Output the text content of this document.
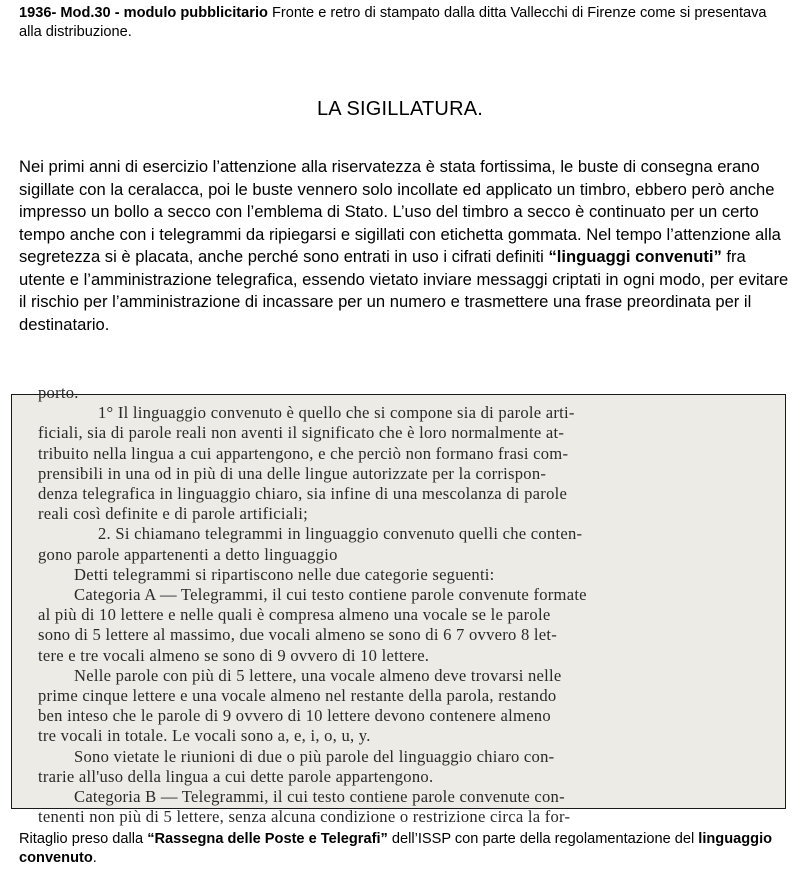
1936- Mod.30 - modulo pubblicitario Fronte e retro di stampato dalla ditta Vallecchi di Firenze come si presentava alla distribuzione.
LA SIGILLATURA.
Nei primi anni di esercizio l’attenzione alla riservatezza è stata fortissima, le buste di consegna erano sigillate con la ceralacca, poi le buste vennero solo incollate ed applicato un timbro, ebbero però anche impresso un bollo a secco con l’emblema di Stato. L’uso del timbro a secco è continuato per un certo tempo anche con i telegrammi da ripiegarsi e sigillati con etichetta gommata. Nel tempo l’attenzione alla segretezza si è placata, anche perché sono entrati in uso i cifrati definiti “linguaggi convenuti” fra utente e l’amministrazione telegrafica, essendo vietato inviare messaggi criptati in ogni modo, per evitare il rischio per l’amministrazione di incassare per un numero e trasmettere una frase preordinata per il destinatario.
porto.
1° Il linguaggio convenuto è quello che si compone sia di parole arti-
ficiali, sia di parole reali non aventi il significato che è loro normalmente at-
tribuito nella lingua a cui appartengono, e che perciò non formano frasi com-
prensibili in una od in più di una delle lingue autorizzate per la corrispon-
denza telegrafica in linguaggio chiaro, sia infine di una mescolanza di parole
reali così definite e di parole artificiali;
2. Si chiamano telegrammi in linguaggio convenuto quelli che conten-
gono parole appartenenti a detto linguaggio
Detti telegrammi si ripartiscono nelle due categorie seguenti:
Categoria A — Telegrammi, il cui testo contiene parole convenute formate
al più di 10 lettere e nelle quali è compresa almeno una vocale se le parole
sono di 5 lettere al massimo, due vocali almeno se sono di 6 7 ovvero 8 let-
tere e tre vocali almeno se sono di 9 ovvero di 10 lettere.
Nelle parole con più di 5 lettere, una vocale almeno deve trovarsi nelle
prime cinque lettere e una vocale almeno nel restante della parola, restando
ben inteso che le parole di 9 ovvero di 10 lettere devono contenere almeno
tre vocali in totale. Le vocali sono a, e, i, o, u, y.
Sono vietate le riunioni di due o più parole del linguaggio chiaro con-
trarie all'uso della lingua a cui dette parole appartengono.
Categoria B — Telegrammi, il cui testo contiene parole convenute con-
tenenti non più di 5 lettere, senza alcuna condizione o restrizione circa la for-
Ritaglio preso dalla “Rassegna delle Poste e Telegrafi” dell’ISSP con parte della regolamentazione del linguaggio convenuto.
